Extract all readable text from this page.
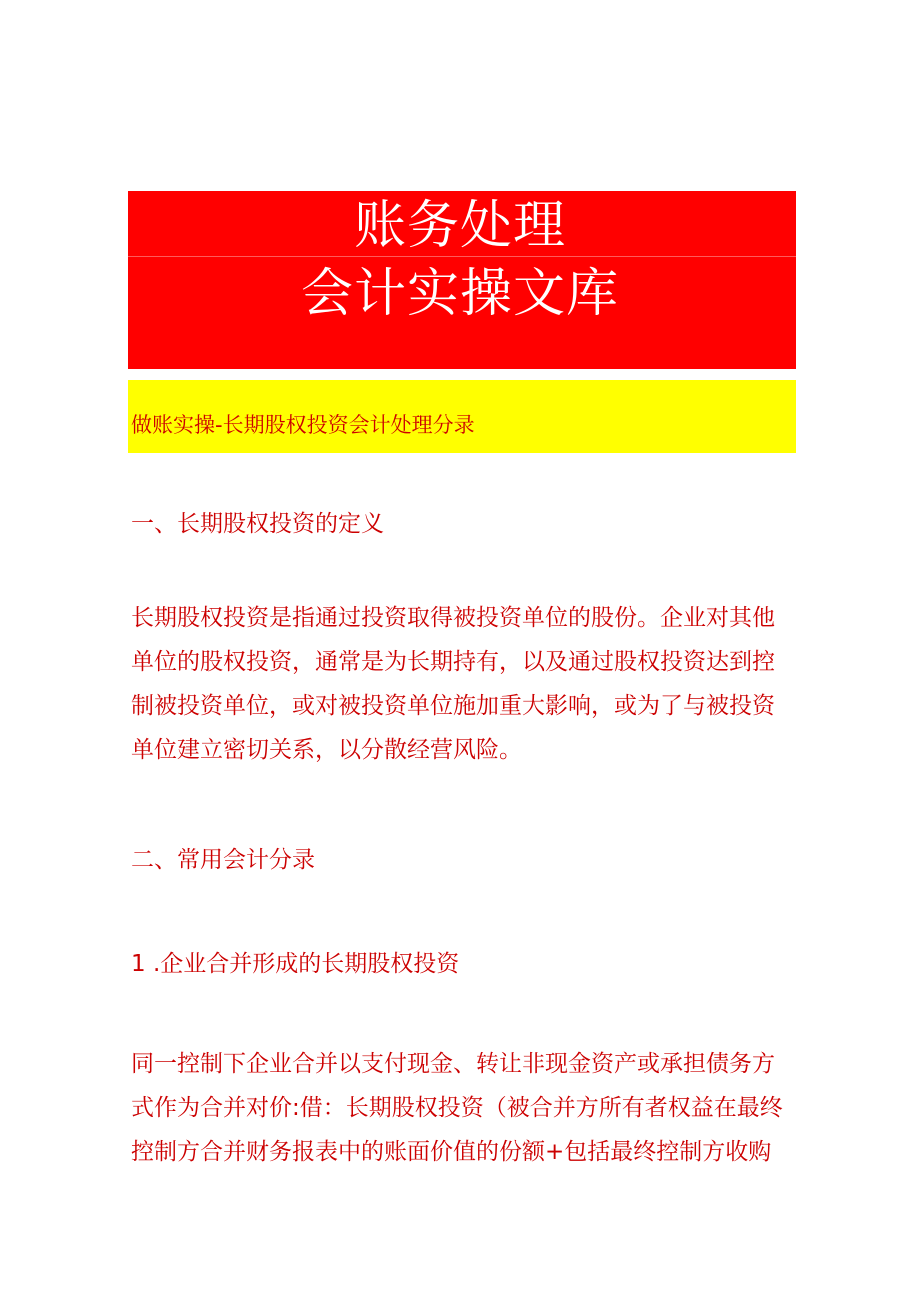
账务处理
会计实操文库
做账实操-长期股权投资会计处理分录
一、长期股权投资的定义
长期股权投资是指通过投资取得被投资单位的股份。企业对其他
单位的股权投资，通常是为长期持有，以及通过股权投资达到控
制被投资单位，或对被投资单位施加重大影响，或为了与被投资
单位建立密切关系，以分散经营风险。
二、常用会计分录
1 .企业合并形成的长期股权投资
同一控制下企业合并以支付现金、转让非现金资产或承担债务方
式作为合并对价:借：长期股权投资（被合并方所有者权益在最终
控制方合并财务报表中的账面价值的份额+包括最终控制方收购
